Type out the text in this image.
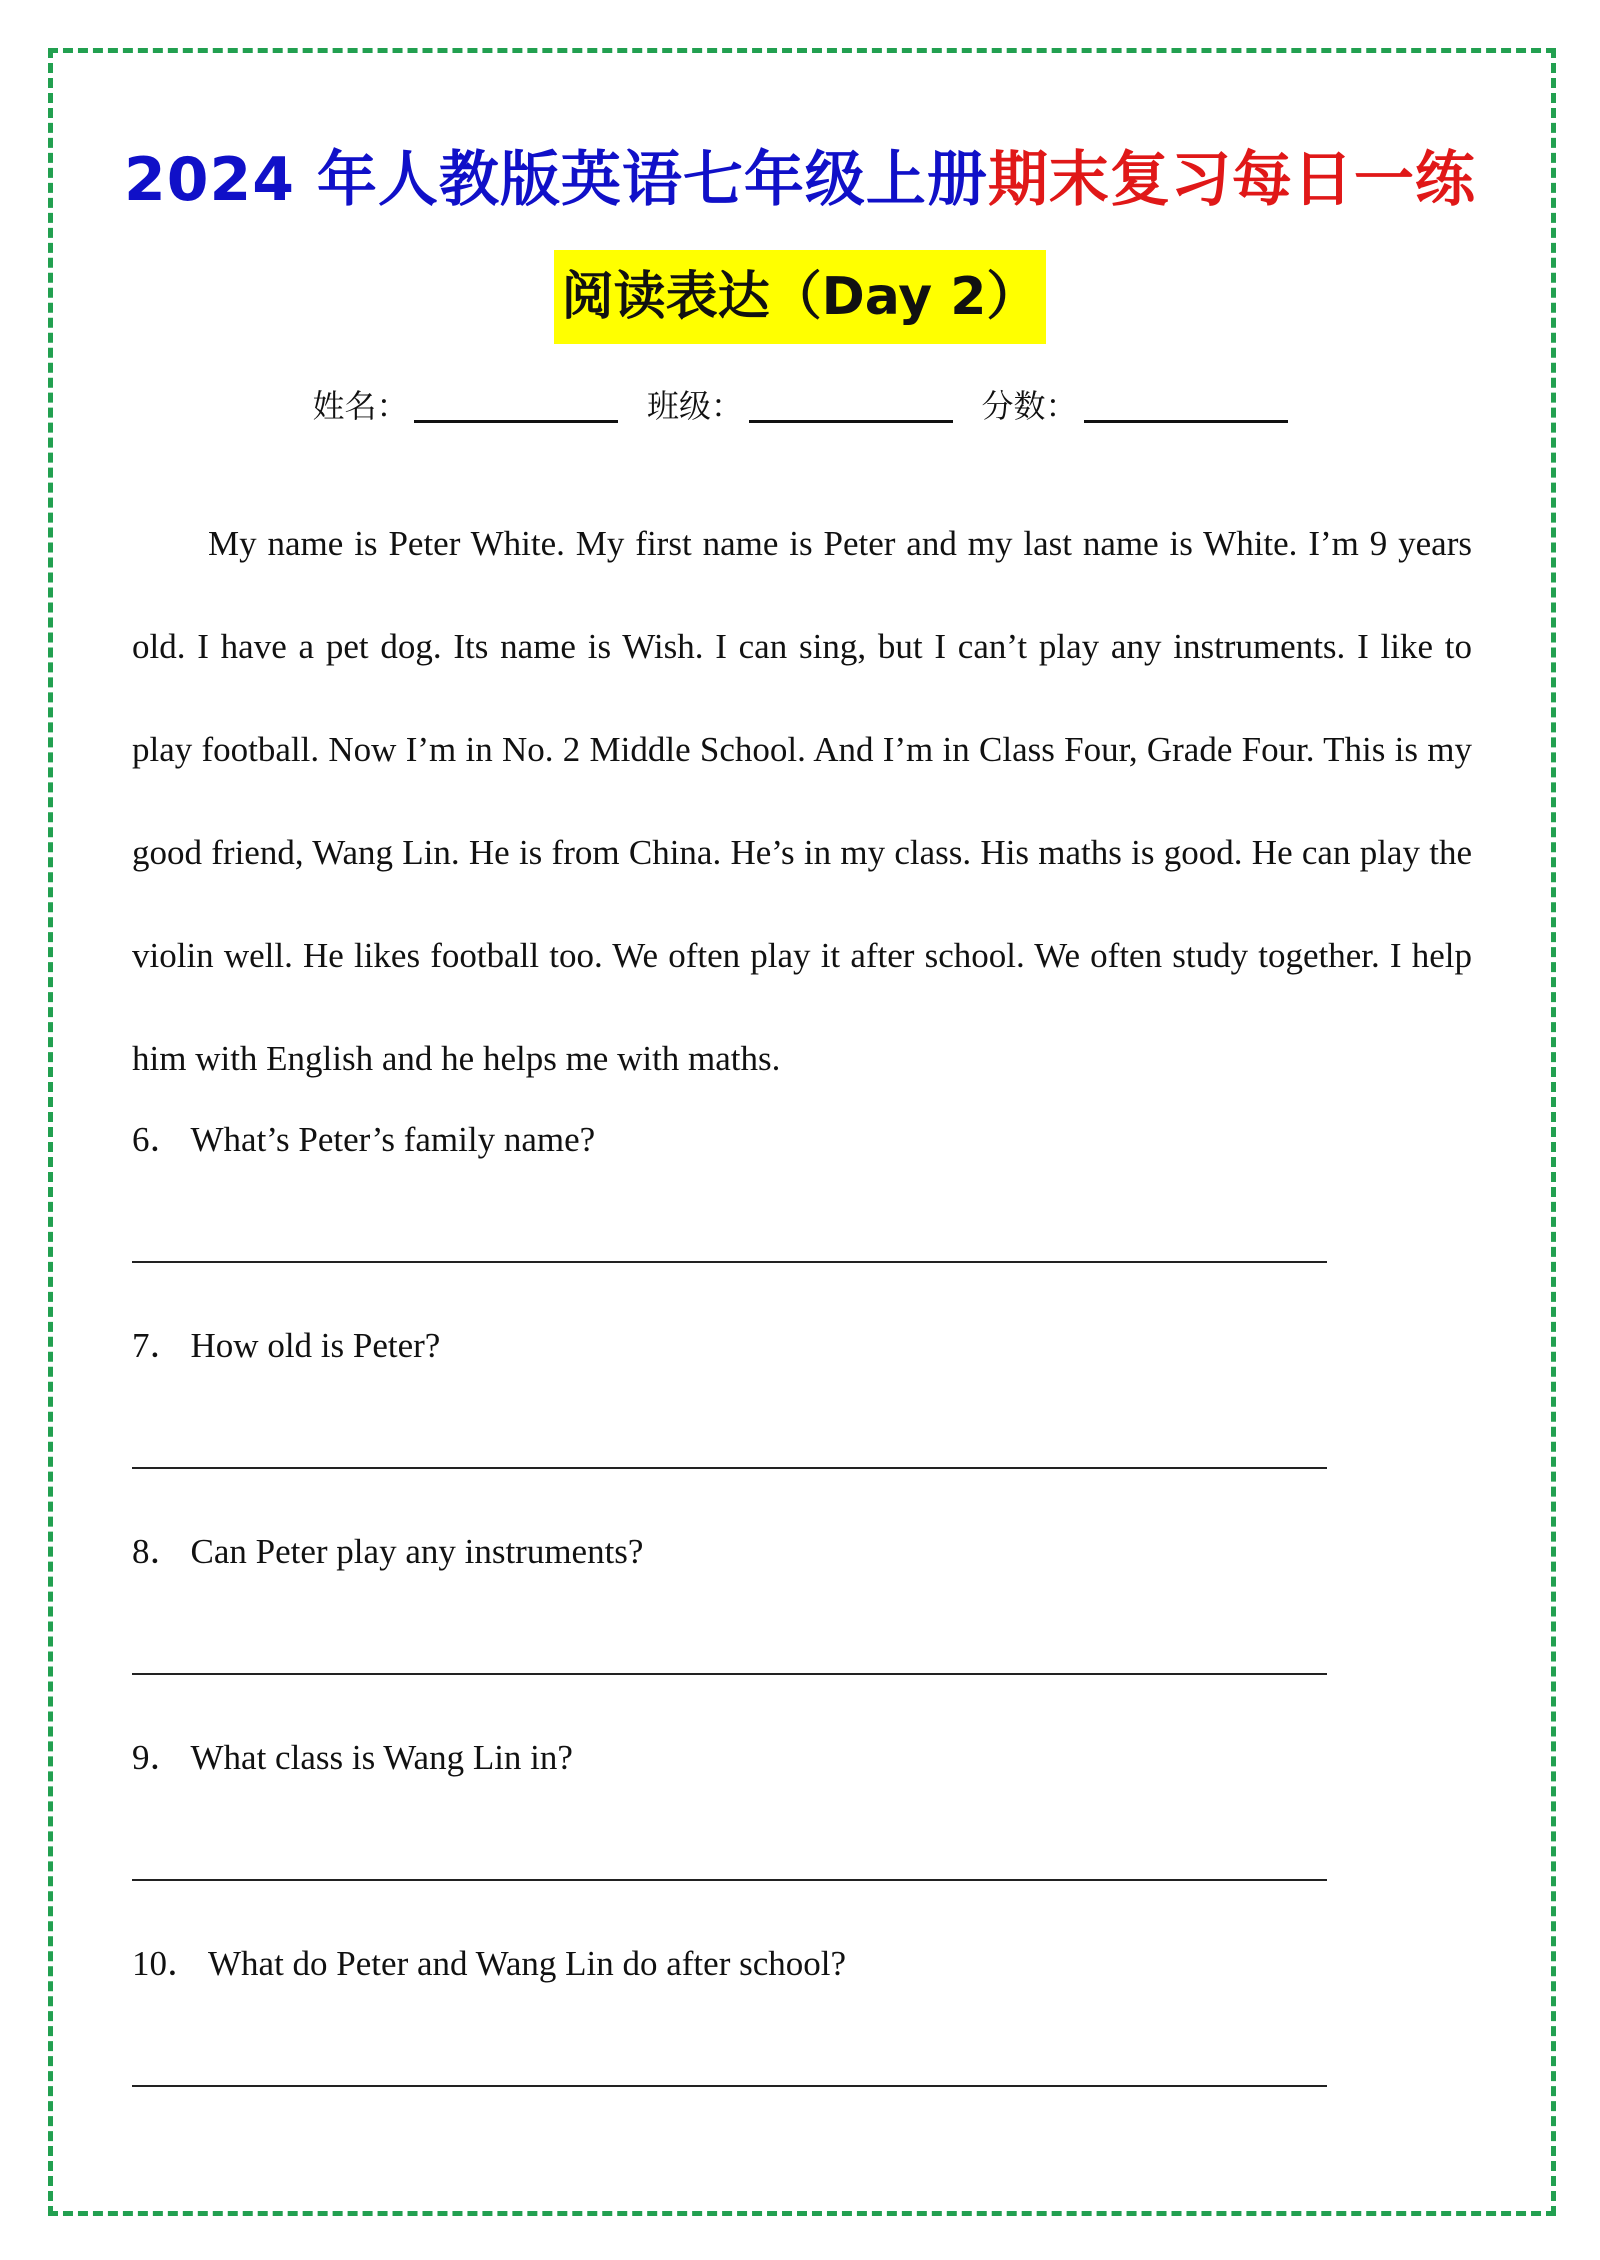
2024 年人教版英语七年级上册期末复习每日一练
阅读表达（Day 2）
姓名：	班级：	分数：

My name is Peter White. My first name is Peter and my last name is White. I’m 9 years old. I have a pet dog. Its name is Wish. I can sing, but I can’t play any instruments. I like to play football. Now I’m in No. 2 Middle School. And I’m in Class Four, Grade Four. This is my good friend, Wang Lin. He is from China. He’s in my class. His maths is good. He can play the violin well. He likes football too. We often play it after school. We often study together. I help him with English and he helps me with maths.

6． What’s Peter’s family name?
7． How old is Peter?
8． Can Peter play any instruments?
9． What class is Wang Lin in?
10． What do Peter and Wang Lin do after school?
